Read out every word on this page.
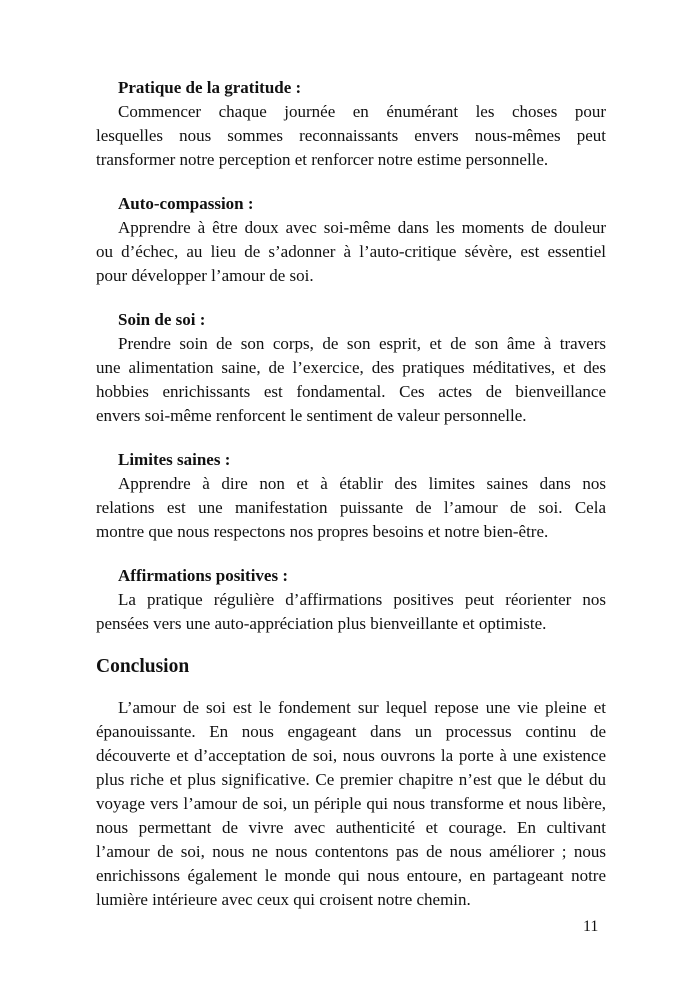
Pratique de la gratitude :
Commencer chaque journée en énumérant les choses pour
lesquelles nous sommes reconnaissants envers nous-mêmes peut
transformer notre perception et renforcer notre estime personnelle.
Auto-compassion :
Apprendre à être doux avec soi-même dans les moments de douleur
ou d’échec, au lieu de s’adonner à l’auto-critique sévère, est essentiel
pour développer l’amour de soi.
Soin de soi :
Prendre soin de son corps, de son esprit, et de son âme à travers
une alimentation saine, de l’exercice, des pratiques méditatives, et des
hobbies enrichissants est fondamental. Ces actes de bienveillance
envers soi-même renforcent le sentiment de valeur personnelle.
Limites saines :
Apprendre à dire non et à établir des limites saines dans nos
relations est une manifestation puissante de l’amour de soi. Cela
montre que nous respectons nos propres besoins et notre bien-être.
Affirmations positives :
La pratique régulière d’affirmations positives peut réorienter nos
pensées vers une auto-appréciation plus bienveillante et optimiste.
Conclusion
L’amour de soi est le fondement sur lequel repose une vie pleine et
épanouissante. En nous engageant dans un processus continu de
découverte et d’acceptation de soi, nous ouvrons la porte à une existence
plus riche et plus significative. Ce premier chapitre n’est que le début du
voyage vers l’amour de soi, un périple qui nous transforme et nous libère,
nous permettant de vivre avec authenticité et courage. En cultivant
l’amour de soi, nous ne nous contentons pas de nous améliorer ; nous
enrichissons également le monde qui nous entoure, en partageant notre
lumière intérieure avec ceux qui croisent notre chemin.
11
